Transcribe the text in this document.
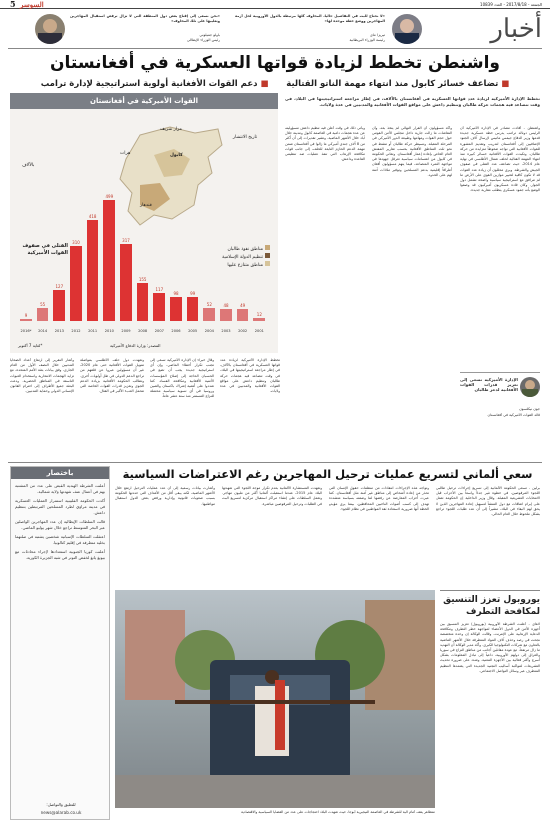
5 السوسر	الجمعة - 2017/8/18 - العدد 10839
«نحن نسعى إلى إقناع بعض دول المنطقة التي لا تزال ترفض استقبال المهاجرين وتغليبها على تلك المخاوف»
باولو جنتيلوني
رئيس الوزراء الإيطالي
«لا نحتاج للبت في التفاصيل حالياً، المخاوف كلها مرتبطة بالدول الأوروبية لحل أزمة المهاجرين ووضع خطة موحدة لها»
تيريزا ماي
رئيسة الوزراء البريطانية	أخبار
واشنطن تخطط لزيادة قواتها العسكرية في أفغانستان
■ تضاعف خسائر كابول منذ انتهاء مهمة الناتو القتالية      ■ دعم القوات الأفغانية أولوية استراتيجية لإدارة ترامب
القوات الأميركية في أفغانستان
كابول
قندهار
هرات
مزار شريف
مناطق نفوذ طالبان
تنظيم الدولة الإسلامية
مناطق متنازع عليها
تاريخ الانتشار
بالآلاف
القتلى في صفوف القوات الأميركية
9
2016*
55
2014
127
2013
310
2012
418
2011
499
2010
317
2009
155
2008
117
2007
98
2006
99
2005
52
2004
48
2003
49
2002
12
2001
*لغاية 7 أكتوبر	المصدر: وزارة الدفاع الأميركية
تخطط الإدارة الأميركية لزيادة عدد قواتها العسكرية في أفغانستان بالآلاف، في إطار مراجعة استراتيجيتها في البلاد، في وقت تتصاعد فيه هجمات حركة طالبان وتنظيم داعش على مواقع القوات الأفغانية والمدنيين في عدة ولايات.
ويأتي ذلك في وقت أعلن فيه تنظيم داعش مسؤوليته عن عدة هجمات دامية في العاصمة كابول ومدينة جلال آباد خلال الأشهر الماضية. وتشير تقديرات إلى أن أكثر من 8 آلاف جندي أميركي ما زالوا في أفغانستان ضمن مهمة الدعم الحازم التابعة للحلف، إلى جانب قوات مكافحة الإرهاب التي تنفذ عمليات ضد تنظيمي القاعدة وداعش.
وأكد مسؤولون أن القرار النهائي لم يتخذ بعد، وأن النقاشات ما زالت جارية داخل مجلس الأمن القومي حول حجم القوات ومهامها وطبيعة الدور الأميركي في المرحلة المقبلة. وتسيطر حركة طالبان أو تنشط في نحو ثلث المناطق الأفغانية بحسب تقارير المفتش العام الخاص بإعادة إعمار أفغانستان. وتعاني الحكومة في كابول من انقسامات سياسية تعرقل جهودها في مواجهة التمرد المتصاعد، فيما يتهم مسؤولون أفغان أطرافاً إقليمية بدعم المسلحين وتوفير ملاذات آمنة لهم على الحدود.
واشنطن - أفادت مصادر في الإدارة الأميركية أن الرئيس دونالد ترامب يدرس خطة عسكرية جديدة قدمها وزير الدفاع جيمس ماتيس لإرسال آلاف الجنود الإضافيين إلى أفغانستان لتدريب وتقديم المشورة للقوات الأفغانية التي تواجه ضغوطاً متزايدة من حركة طالبان. وتكبدت القوات الأفغانية خسائر كبيرة منذ انتهاء المهمة القتالية لحلف شمال الأطلسي في نهاية عام 2014، حيث تضاعف عدد القتلى في صفوف الجيش والشرطة. ويرى محللون أن زيادة عدد القوات قد لا تكون كافية لتغيير موازين القوى على الأرض ما لم تترافق مع استراتيجية سياسية واضحة تشمل دول الجوار. وكان قادة عسكريون أميركيون قد وصفوا الوضع بأنه جمود عسكري يتطلب مقاربة جديدة.
الإدارة الأميركية تسعى إلى تعزيز قدرات القوات الأفغانية لدحر طالبان
جون نيكلسون
قائد القوات الأميركية في أفغانستان
وأشار التقرير إلى ارتفاع أعداد الضحايا المدنيين خلال النصف الأول من العام الجاري، وفق بيانات بعثة الأمم المتحدة، مع تزايد الهجمات الانتحارية واستخدام العبوات الناسفة في المناطق الحضرية. ودعت البعثة جميع الأطراف إلى احترام القانون الإنساني الدولي وحماية المدنيين.
وتعهدت دول حلف الأطلسي بمواصلة تمويل القوات الأفغانية حتى عام 2020، غير أن مسؤولين عبروا عن قلقهم من تراجع الدعم الدولي في ظل أولويات أخرى. وتطالب الحكومة الأفغانية بزيادة الدعم الجوي وتعزيز قدرات القوات الخاصة التي تتحمل العبء الأكبر في القتال.
وقال خبراء إن الإدارة الأميركية تسعى إلى تجنب تكرار أخطاء الماضي، وإن أي استراتيجية جديدة يجب أن تضع في الحسبان الحاجة إلى إصلاح المؤسسات الأمنية الأفغانية ومكافحة الفساد. كما شددوا على أهمية إشراك باكستان والصين وروسيا في أي تسوية سياسية محتملة للنزاع المستمر منذ ستة عشر عاماً.
تخطط الإدارة الأميركية لزيادة عدد قواتها العسكرية في أفغانستان بالآلاف، في إطار مراجعة استراتيجيتها في البلاد، في وقت تتصاعد فيه هجمات حركة طالبان وتنظيم داعش على مواقع القوات الأفغانية والمدنيين في عدة ولايات.
سعي ألماني لتسريع عمليات ترحيل المهاجرين رغم الاعتراضات السياسية
وأشارت بيانات رسمية إلى أن عدد عمليات الترحيل ارتفع خلال الأشهر الماضية، لكنه يبقى أقل من الأهداف التي حددتها الحكومة بسبب صعوبات قانونية وإدارية ورفض بعض الدول استقبال مواطنيها.
وتعهدت المستشارة الألمانية بعدم تكرار موجة اللجوء التي شهدتها البلاد عام 2015، عندما استقبلت ألمانيا أكثر من مليون مهاجر. وتعمل السلطات على إنشاء مراكز استقبال مركزية لتسريع البت في الطلبات وترحيل المرفوضين مباشرة.
وتواجه هذه الإجراءات انتقادات من منظمات حقوق الإنسان التي تحذر من إعادة أشخاص إلى مناطق غير آمنة مثل أفغانستان. كما عبرت أحزاب المعارضة عن رفضها لما وصفته بسياسة متشددة تهدف إلى كسب أصوات الناخبين المحافظين، بينما يرى مؤيدو الخطة أنها ضرورية لاستعادة ثقة المواطنين في نظام اللجوء.
برلين - تسعى الحكومة الألمانية إلى تسريع إجراءات ترحيل طالبي اللجوء المرفوضين، في خطوة تثير جدلاً واسعاً بين الأحزاب قبل الانتخابات التشريعية المقبلة. وقال وزير الداخلية إن الحكومة تعمل على إبرام اتفاقات مع دول المنشأ لتسهيل إعادة المهاجرين الذين لا يحق لهم البقاء في البلاد، مشيراً إلى أن عدد طلبات اللجوء تراجع بشكل ملحوظ خلال العام الحالي.
متظاهر يقف أمام آلية للشرطة في العاصمة النيجيرية أبوجا، حيث شهدت البلاد احتجاجات على عدد من القضايا السياسية والاقتصادية
يوروبول تعزز التنسيق
لمكافحة التطرف
لاهاي - أعلنت الشرطة الأوروبية (يوروبول) تعزيز التنسيق بين أجهزة الأمن في الدول الأعضاء لمواجهة خطر التطرف ومكافحة الدعاية الإرهابية على الإنترنت. وقالت الوكالة إن وحدة متخصصة نجحت في رصد وحذف آلاف المواد المتطرفة خلال الأشهر الماضية بالتعاون مع شركات التكنولوجيا الكبرى. وأكد مدير الوكالة أن التهديد ما زال مرتفعاً، مع عودة مقاتلين أجانب من مناطق النزاع في سوريا والعراق إلى دولهم الأوروبية، داعياً إلى تبادل المعلومات بشكل أسرع وأكثر فعالية بين الأجهزة المعنية. وشدد على ضرورة تحديث التشريعات لمواكبة أساليب التجنيد الجديدة التي يعتمدها التنظيم المتطرف عبر وسائل التواصل الاجتماعي.
باختصار

أعلنت الشرطة الهندية القبض على عدد من المشتبه بهم في أعمال عنف شهدتها ولاية شمالية.

أكدت الحكومة الفلبينية استمرار العمليات العسكرية في مدينة مراوي لطرد المسلحين المرتبطين بتنظيم داعش.

قالت السلطات الإيطالية إن عدد المهاجرين الواصلين عبر البحر المتوسط تراجع خلال شهر يوليو الماضي.

اعتقلت السلطات الإسبانية شخصين يشتبه في صلتهما بخلية متطرفة في إقليم كتالونيا.

أعلنت كوريا الجنوبية استعدادها لإجراء محادثات مع بيونغ يانغ لخفض التوتر في شبه الجزيرة الكورية.

للتعليق والتواصل:
news@alarab.co.uk
